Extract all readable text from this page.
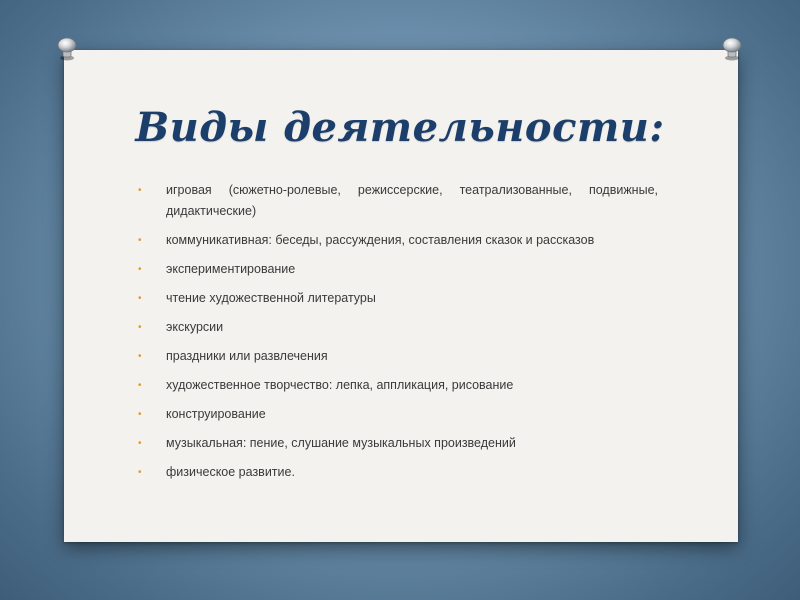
Виды деятельности:
• игровая (сюжетно-ролевые, режиссерские, театрализованные, подвижные, дидактические)
• коммуникативная: беседы, рассуждения, составления сказок и рассказов
• экспериментирование
• чтение художественной литературы
• экскурсии
• праздники или развлечения
• художественное творчество: лепка, аппликация, рисование
• конструирование
• музыкальная: пение, слушание музыкальных произведений
• физическое развитие.
